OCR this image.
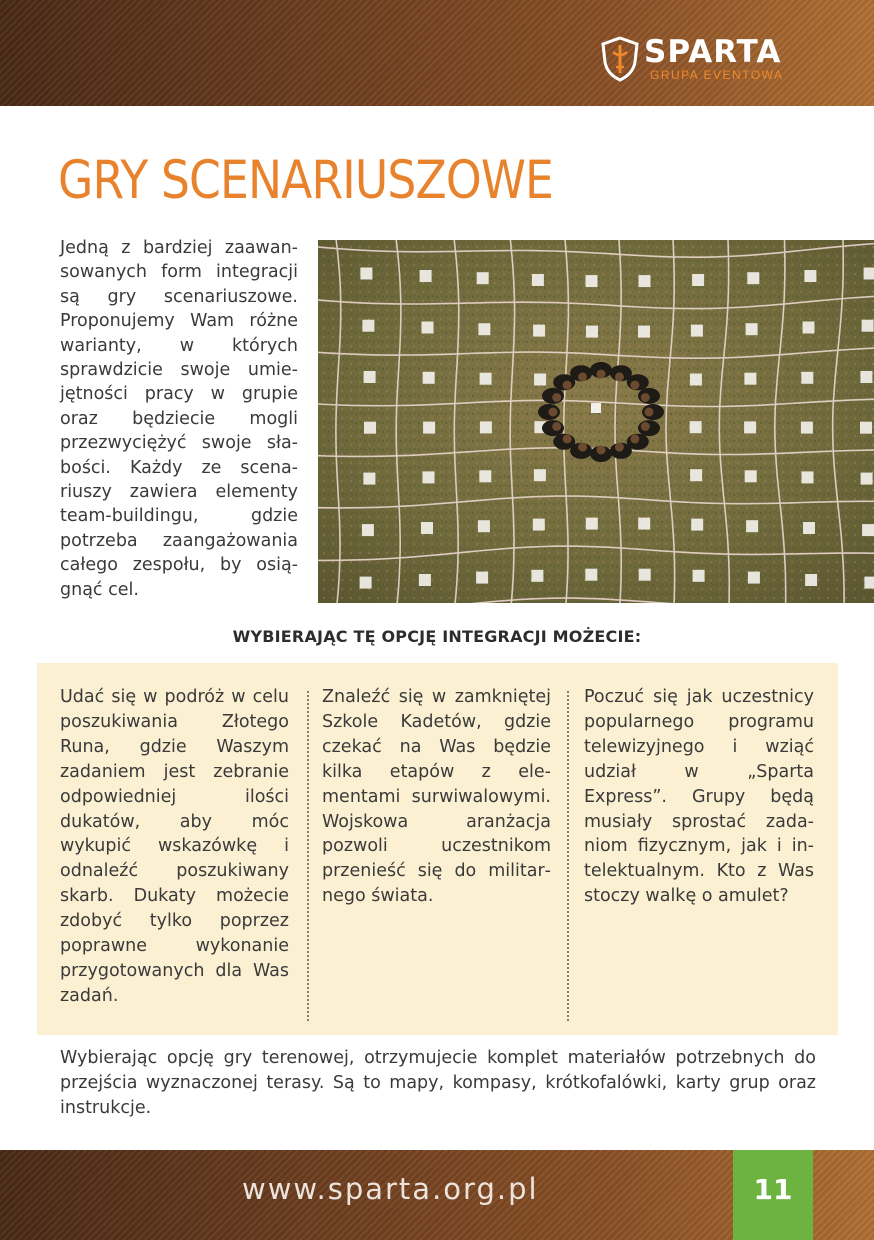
SPARTA
GRUPA EVENTOWA
GRY SCENARIUSZOWE
Jedną z bardziej zaawansowanych form integracji są gry scenariuszowe. Proponujemy Wam różne warianty, w których sprawdzicie swoje umiejętności pracy w grupie oraz będziecie mogli przezwyciężyć swoje słabości. Każdy ze scenariuszy zawiera elementy team-buildingu, gdzie potrzeba zaangażowania całego zespołu, by osiągnąć cel.
WYBIERAJĄC TĘ OPCJĘ INTEGRACJI MOŻECIE:
Udać się w podróż w celu poszukiwania Złotego Runa, gdzie Waszym zadaniem jest zebranie odpowiedniej ilości dukatów, aby móc wykupić wskazówkę i odnaleźć poszukiwany skarb. Dukaty możecie zdobyć tylko poprzez poprawne wykonanie przygotowanych dla Was zadań.
Znaleźć się w zamkniętej Szkole Kadetów, gdzie czekać na Was będzie kilka etapów z elementami surwiwalowymi. Wojskowa aranżacja pozwoli uczestnikom przenieść się do militarnego świata.
Poczuć się jak uczestnicy popularnego programu telewizyjnego i wziąć udział w „Sparta Express”. Grupy będą musiały sprostać zadaniom fizycznym, jak i intelektualnym. Kto z Was stoczy walkę o amulet?
Wybierając opcję gry terenowej, otrzymujecie komplet materiałów potrzebnych do przejścia wyznaczonej terasy. Są to mapy, kompasy, krótkofalówki, karty grup oraz instrukcje.
www.sparta.org.pl	11
